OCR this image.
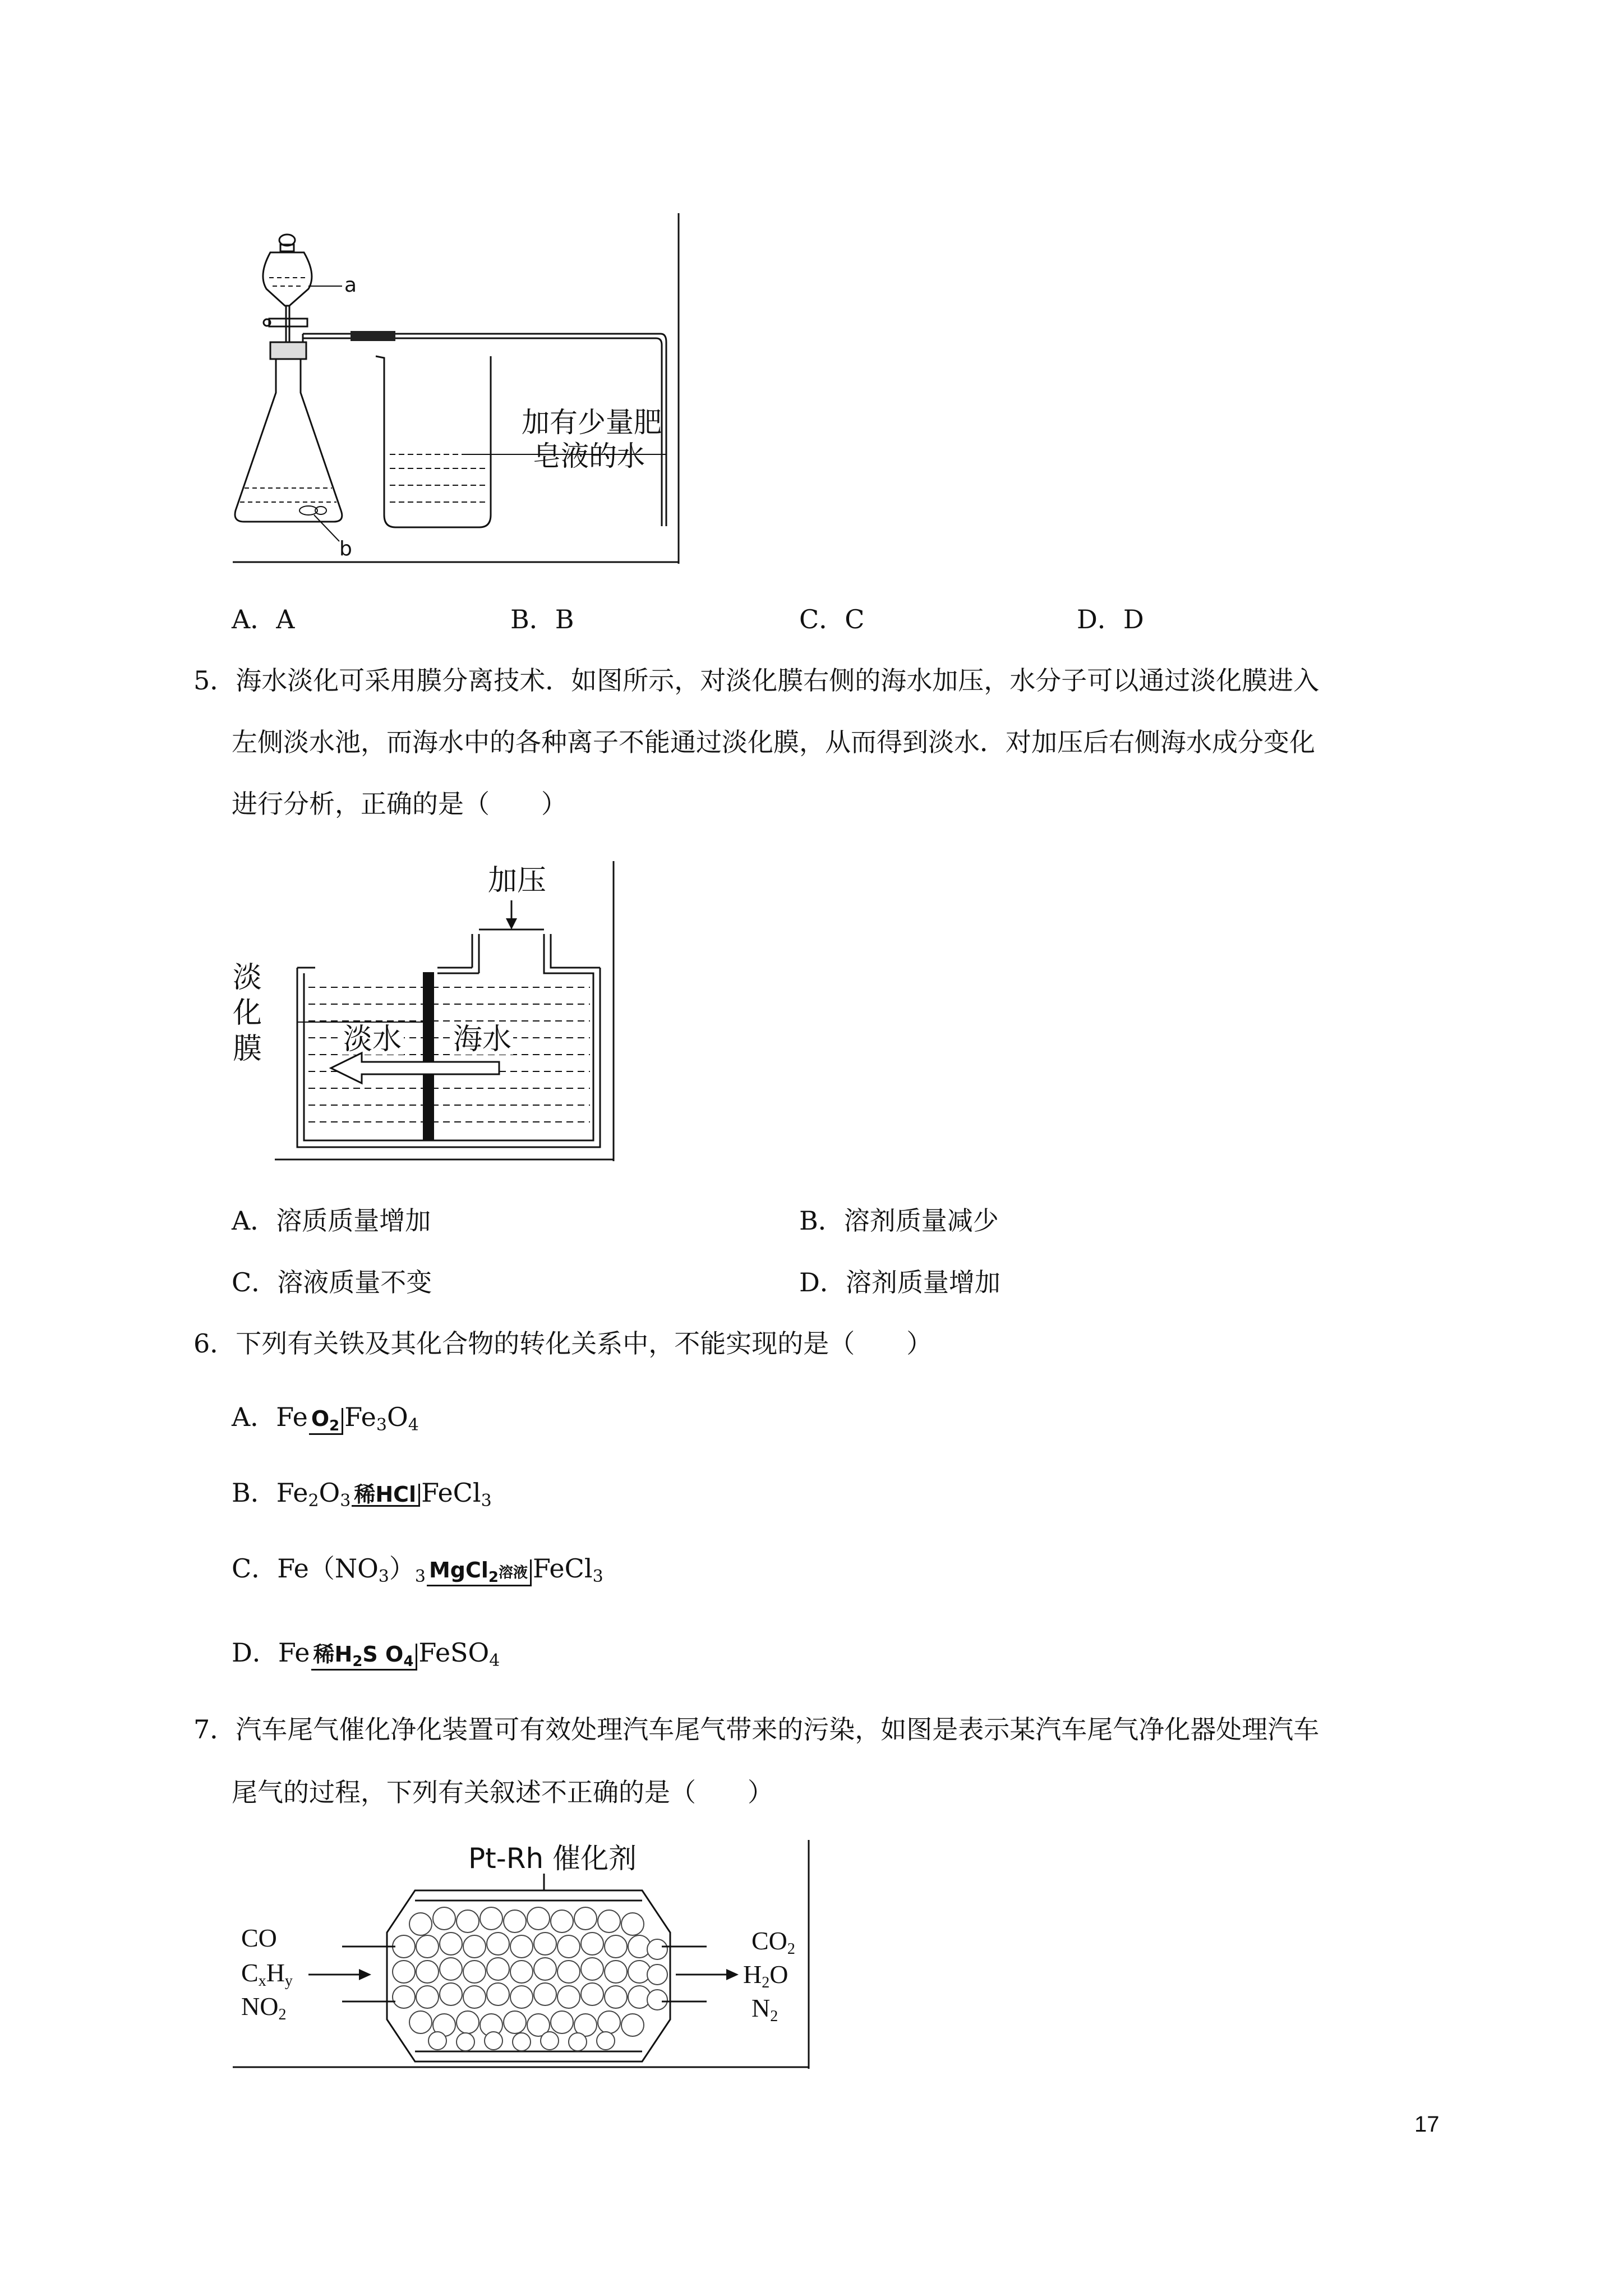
a
b
加有少量肥
皂液的水
A．A	B．B	C．C	D．D
5．海水淡化可采用膜分离技术．如图所示，对淡化膜右侧的海水加压，水分子可以通过淡化膜进入
左侧淡水池，而海水中的各种离子不能通过淡化膜，从而得到淡水．对加压后右侧海水成分变化
进行分析，正确的是（　　）
加压
淡
化
膜	淡水 海水
A．溶质质量增加	B．溶剂质量减少
C．溶液质量不变	D．溶剂质量增加
6．下列有关铁及其化合物的转化关系中，不能实现的是（　　）
A．Fe $O_2$ $Fe_3O_4$
B．$Fe_2O_3$ 稀HCl FeCl$_3$
C．$Fe(NO_3)_3$ MgCl$_2$溶液 FeCl$_3$
D．Fe 稀$H_2S$ $O_4$ FeSO$_4$
7．汽车尾气催化净化装置可有效处理汽车尾气带来的污染，如图是表示某汽车尾气净化器处理汽车
尾气的过程，下列有关叙述不正确的是（　　）
Pt-Rh 催化剂
CO
CxHy
NO2
CO2
H2O
N2
17
